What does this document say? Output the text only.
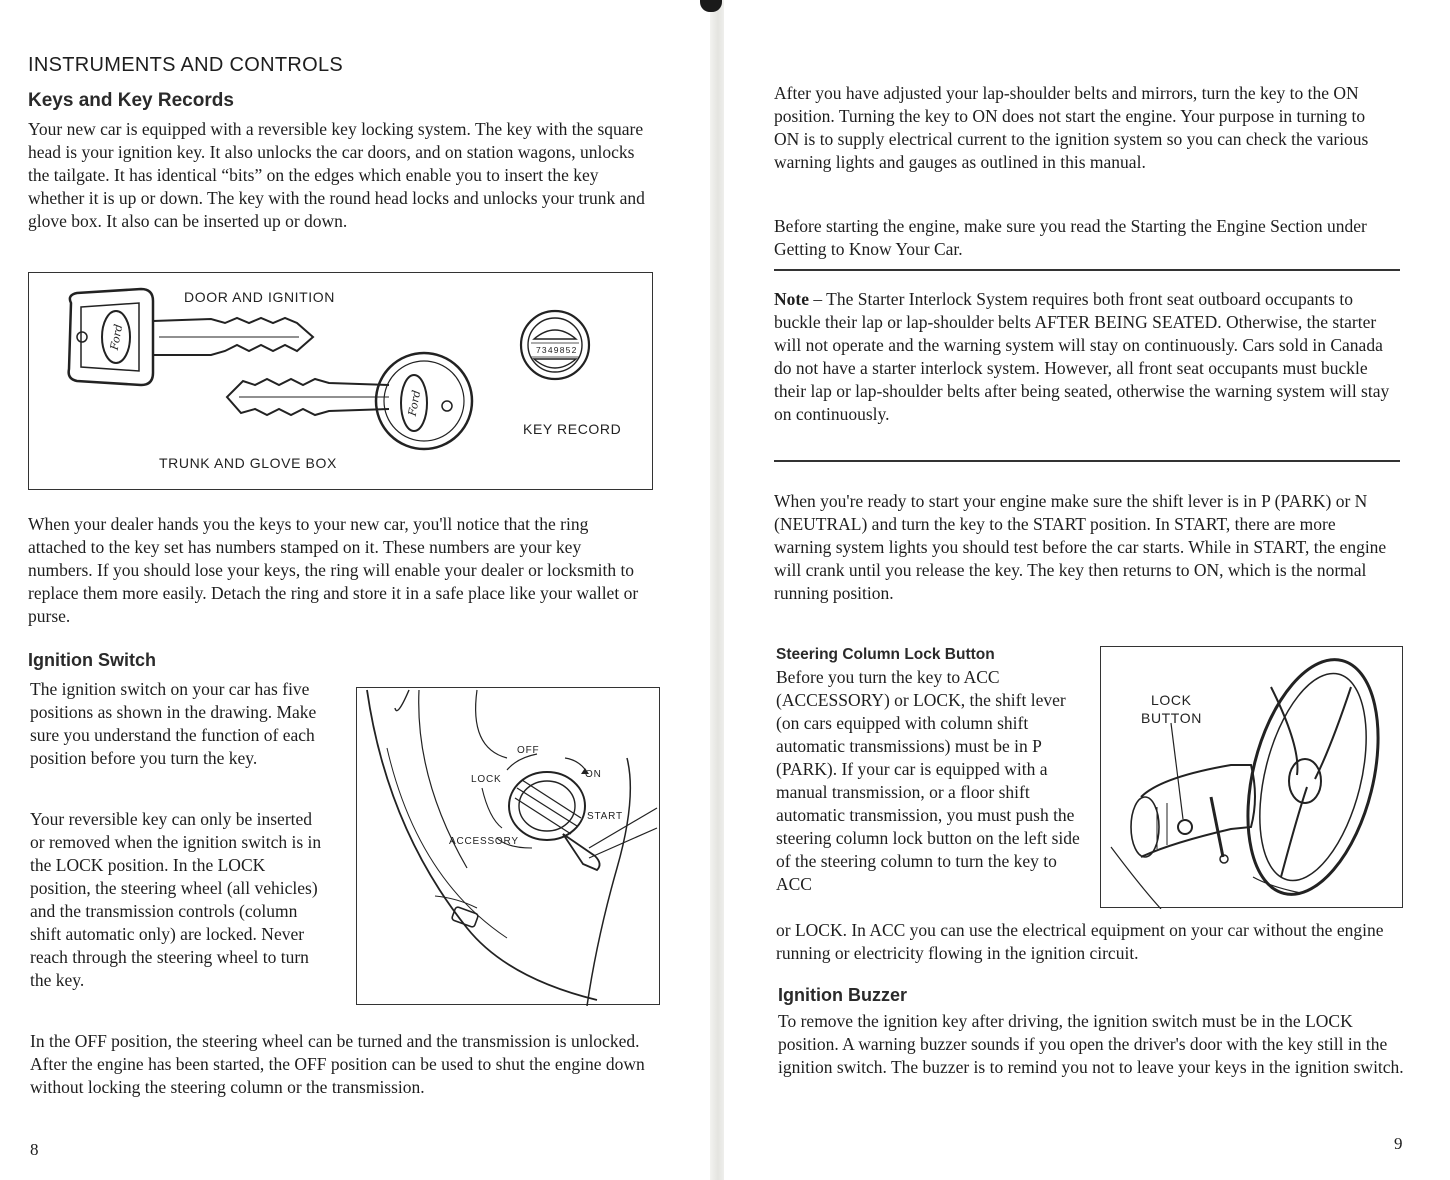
INSTRUMENTS AND CONTROLS
Keys and Key Records

Your new car is equipped with a reversible key locking system. The key with the square head is your ignition key. It also unlocks the car doors, and on station wagons, unlocks the tailgate. It has identical “bits” on the edges which enable you to insert the key whether it is up or down. The key with the round head locks and unlocks your trunk and glove box. It also can be inserted up or down.

Ford
Ford
DOOR AND IGNITION
TRUNK AND GLOVE BOX
KEY RECORD
7349852

When your dealer hands you the keys to your new car, you'll notice that the ring attached to the key set has numbers stamped on it. These numbers are your key numbers. If you should lose your keys, the ring will enable your dealer or locksmith to replace them more easily. Detach the ring and store it in a safe place like your wallet or purse.

Ignition Switch

The ignition switch on your car has five positions as shown in the drawing. Make sure you understand the function of each position before you turn the key.

Your reversible key can only be inserted or removed when the ignition switch is in the LOCK position. In the LOCK position, the steering wheel (all vehicles) and the transmission controls (column shift automatic only) are locked. Never reach through the steering wheel to turn the key.

OFF
ON
LOCK
START
ACCESSORY

In the OFF position, the steering wheel can be turned and the transmission is unlocked. After the engine has been started, the OFF position can be used to shut the engine down without locking the steering column or the transmission.

8

After you have adjusted your lap-shoulder belts and mirrors, turn the key to the ON position. Turning the key to ON does not start the engine. Your purpose in turning to ON is to supply electrical current to the ignition system so you can check the various warning lights and gauges as outlined in this manual.

Before starting the engine, make sure you read the Starting the Engine Section under Getting to Know Your Car.

Note – The Starter Interlock System requires both front seat outboard occupants to buckle their lap or lap-shoulder belts AFTER BEING SEATED. Otherwise, the starter will not operate and the warning system will stay on continuously. Cars sold in Canada do not have a starter interlock system. However, all front seat occupants must buckle their lap or lap-shoulder belts after being seated, otherwise the warning system will stay on continuously.

When you're ready to start your engine make sure the shift lever is in P (PARK) or N (NEUTRAL) and turn the key to the START position. In START, there are more warning system lights you should test before the car starts. While in START, the engine will crank until you release the key. The key then returns to ON, which is the normal running position.

Steering Column Lock Button

Before you turn the key to ACC (ACCESSORY) or LOCK, the shift lever (on cars equipped with column shift automatic transmissions) must be in P (PARK). If your car is equipped with a manual transmission, or a floor shift automatic transmission, you must push the steering column lock button on the left side of the steering column to turn the key to ACC

or LOCK. In ACC you can use the electrical equipment on your car without the engine running or electricity flowing in the ignition circuit.

LOCK
BUTTON
Ignition Buzzer

To remove the ignition key after driving, the ignition switch must be in the LOCK position. A warning buzzer sounds if you open the driver's door with the key still in the ignition switch. The buzzer is to remind you not to leave your keys in the ignition switch.

9
